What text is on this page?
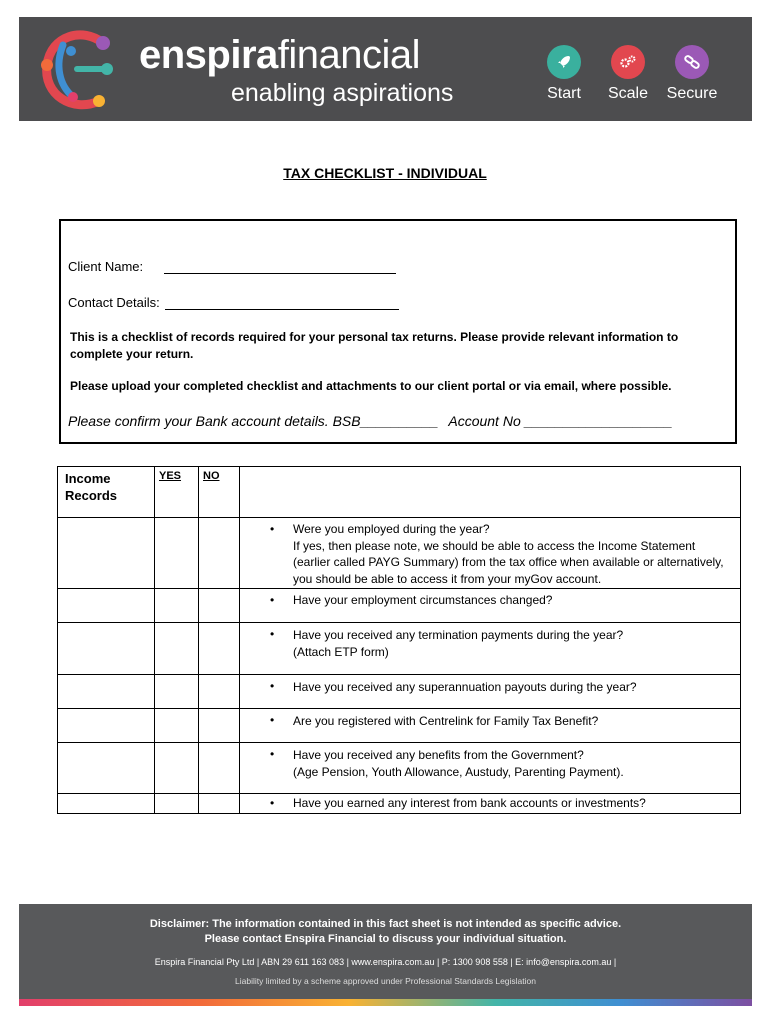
enspirafinancial
enabling aspirations	Start	Scale	Secure
TAX CHECKLIST - INDIVIDUAL
Client Name:
Contact Details:
This is a checklist of records required for your personal tax returns. Please provide relevant information to complete your return.
Please upload your completed checklist and attachments to our client portal or via email, where possible.
Please confirm your Bank account details. BSB__________ Account No ___________________
Income Records	YES	NO	

			• Were you employed during the year?
If yes, then please note, we should be able to access the Income Statement (earlier called PAYG Summary) from the tax office when available or alternatively, you should be able to access it from your myGov account.

			• Have your employment circumstances changed?

			• Have you received any termination payments during the year?
(Attach ETP form)

			• Have you received any superannuation payouts during the year?

			• Are you registered with Centrelink for Family Tax Benefit?

			• Have you received any benefits from the Government?
(Age Pension, Youth Allowance, Austudy, Parenting Payment).

			• Have you earned any interest from bank accounts or investments?
Disclaimer: The information contained in this fact sheet is not intended as specific advice.
Please contact Enspira Financial to discuss your individual situation.
Enspira Financial Pty Ltd | ABN 29 611 163 083 | www.enspira.com.au | P: 1300 908 558 | E: info@enspira.com.au |
Liability limited by a scheme approved under Professional Standards Legislation
